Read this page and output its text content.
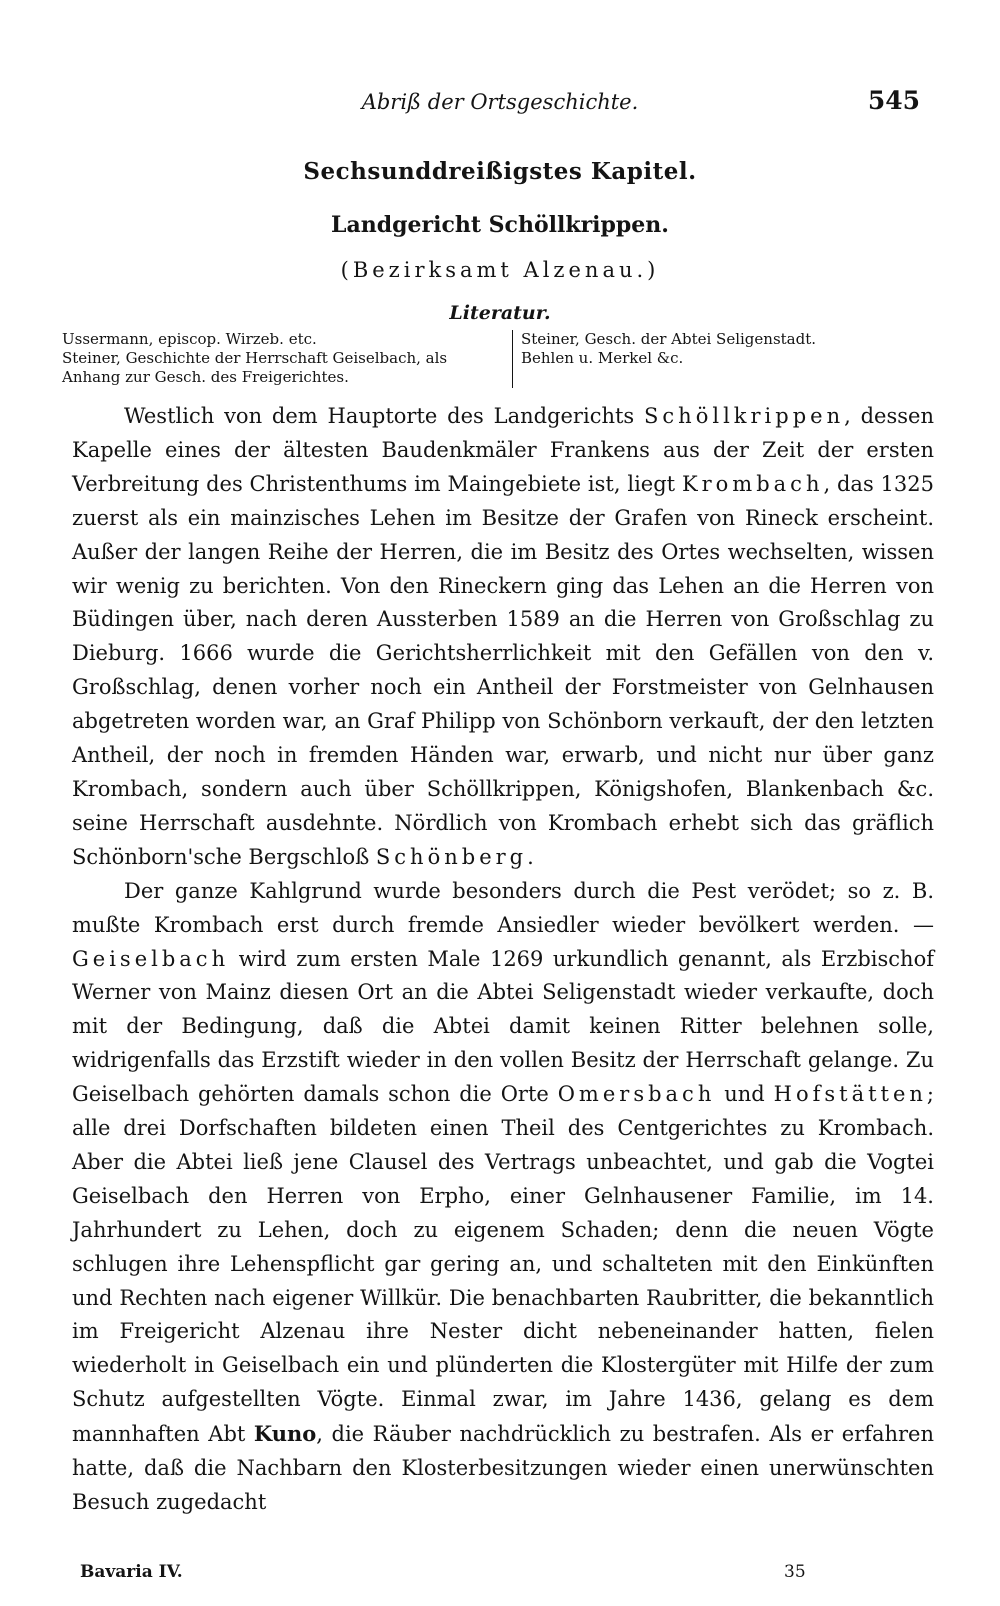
Abriß der Ortsgeschichte.	545
Sechsunddreißigstes Kapitel.
Landgericht Schöllkrippen.
(Bezirksamt Alzenau.)
Literatur.
Ussermann, episcop. Wirzeb. etc.
Steiner, Geschichte der Herrschaft Geiselbach, als
Anhang zur Gesch. des Freigerichtes.
Steiner, Gesch. der Abtei Seligenstadt.
Behlen u. Merkel &c.

Westlich von dem Hauptorte des Landgerichts Schöllkrippen, dessen Kapelle eines der ältesten Baudenkmäler Frankens aus der Zeit der ersten Verbreitung des Christenthums im Maingebiete ist, liegt Krombach, das 1325 zuerst als ein mainzisches Lehen im Besitze der Grafen von Rineck erscheint. Außer der langen Reihe der Herren, die im Besitz des Ortes wechselten, wissen wir wenig zu berichten. Von den Rineckern ging das Lehen an die Herren von Büdingen über, nach deren Aussterben 1589 an die Herren von Großschlag zu Dieburg. 1666 wurde die Gerichtsherrlichkeit mit den Gefällen von den v. Großschlag, denen vorher noch ein Antheil der Forstmeister von Gelnhausen abgetreten worden war, an Graf Philipp von Schönborn verkauft, der den letzten Antheil, der noch in fremden Händen war, erwarb, und nicht nur über ganz Krombach, sondern auch über Schöllkrippen, Königshofen, Blankenbach &c. seine Herrschaft ausdehnte. Nördlich von Krombach erhebt sich das gräflich Schönborn'sche Bergschloß Schönberg.

Der ganze Kahlgrund wurde besonders durch die Pest verödet; so z. B. mußte Krombach erst durch fremde Ansiedler wieder bevölkert werden. — Geiselbach wird zum ersten Male 1269 urkundlich genannt, als Erzbischof Werner von Mainz diesen Ort an die Abtei Seligenstadt wieder verkaufte, doch mit der Bedingung, daß die Abtei damit keinen Ritter belehnen solle, widrigenfalls das Erzstift wieder in den vollen Besitz der Herrschaft gelange. Zu Geiselbach gehörten damals schon die Orte Omersbach und Hofstätten; alle drei Dorfschaften bildeten einen Theil des Centgerichtes zu Krombach. Aber die Abtei ließ jene Clausel des Vertrags unbeachtet, und gab die Vogtei Geiselbach den Herren von Erpho, einer Gelnhausener Familie, im 14. Jahrhundert zu Lehen, doch zu eigenem Schaden; denn die neuen Vögte schlugen ihre Lehenspflicht gar gering an, und schalteten mit den Einkünften und Rechten nach eigener Willkür. Die benachbarten Raubritter, die bekanntlich im Freigericht Alzenau ihre Nester dicht nebeneinander hatten, fielen wiederholt in Geiselbach ein und plünderten die Klostergüter mit Hilfe der zum Schutz aufgestellten Vögte. Einmal zwar, im Jahre 1436, gelang es dem mannhaften Abt Kuno, die Räuber nachdrücklich zu bestrafen. Als er erfahren hatte, daß die Nachbarn den Klosterbesitzungen wieder einen unerwünschten Besuch zugedacht

Bavaria IV.	35
